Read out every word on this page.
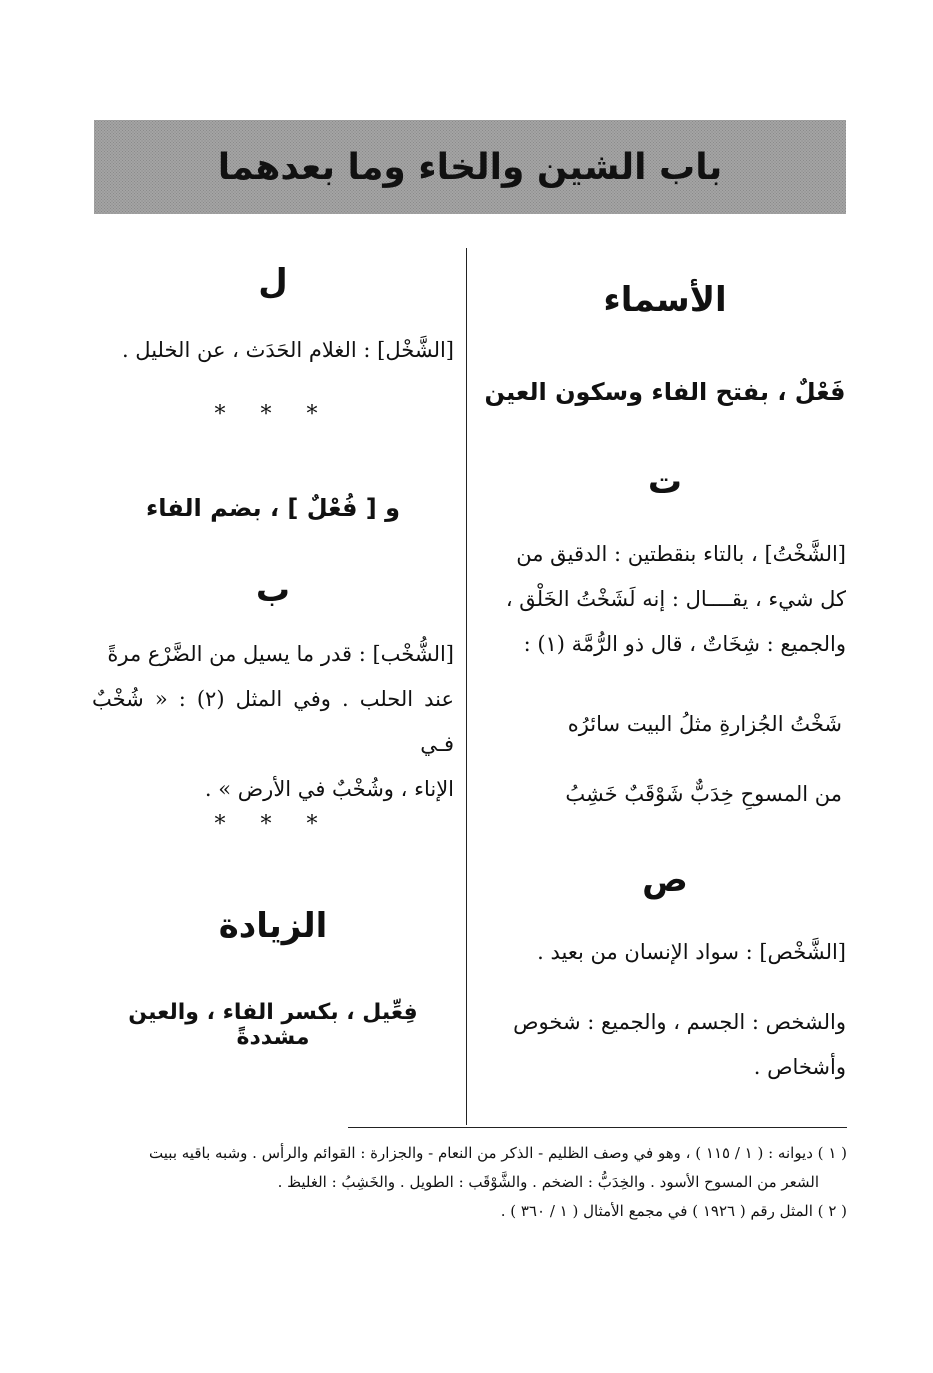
باب الشين والخاء وما بعدهما

الأسماء

فَعْلٌ ، بفتح الفاء وسكون العين

ت

[الشَّخْتُ] ، بالتاء بنقطتين : الدقيق من

كل شيء ، يقــــال : إنه لَشَخْتُ الخَلْق ،

والجميع : شِخَاتٌ ، قال ذو الرُّمَّة (١) :

شَخْتُ الجُزارةِ مثلُ البيت سائرُه

من المسوحِ خِدَبٌّ شَوْقَبٌ خَشِبُ

ص

[الشَّخْص] : سواد الإنسان من بعيد .

والشخص : الجسم ، والجميع : شخوص

وأشخاص .

ل

[الشَّخْل] : الغلام الحَدَث ، عن الخليل .

* * *

و [ فُعْلٌ ] ، بضم الفاء

ب

[الشُّخْب] : قدر ما يسيل من الضَّرْع مرةً

عند الحلب . وفي المثل (٢) : « شُخْبٌ فـي

الإناء ، وشُخْبٌ في الأرض » .

* * *

الزيادة

فِعِّيل ، بكسر الفاء ، والعين مشددةً

( ١ ) ديوانه : ( ١ / ١١٥ ) ، وهو في وصف الظليم - الذكر من النعام - والجزارة : القوائم والرأس . وشبه باقيه ببيت

الشعر من المسوح الأسود . والخِدَبُّ : الضخم . والشَّوْقَب : الطويل . والخَشِبُ : الغليظ .

( ٢ ) المثل رقم ( ١٩٢٦ ) في مجمع الأمثال ( ١ / ٣٦٠ ) .
